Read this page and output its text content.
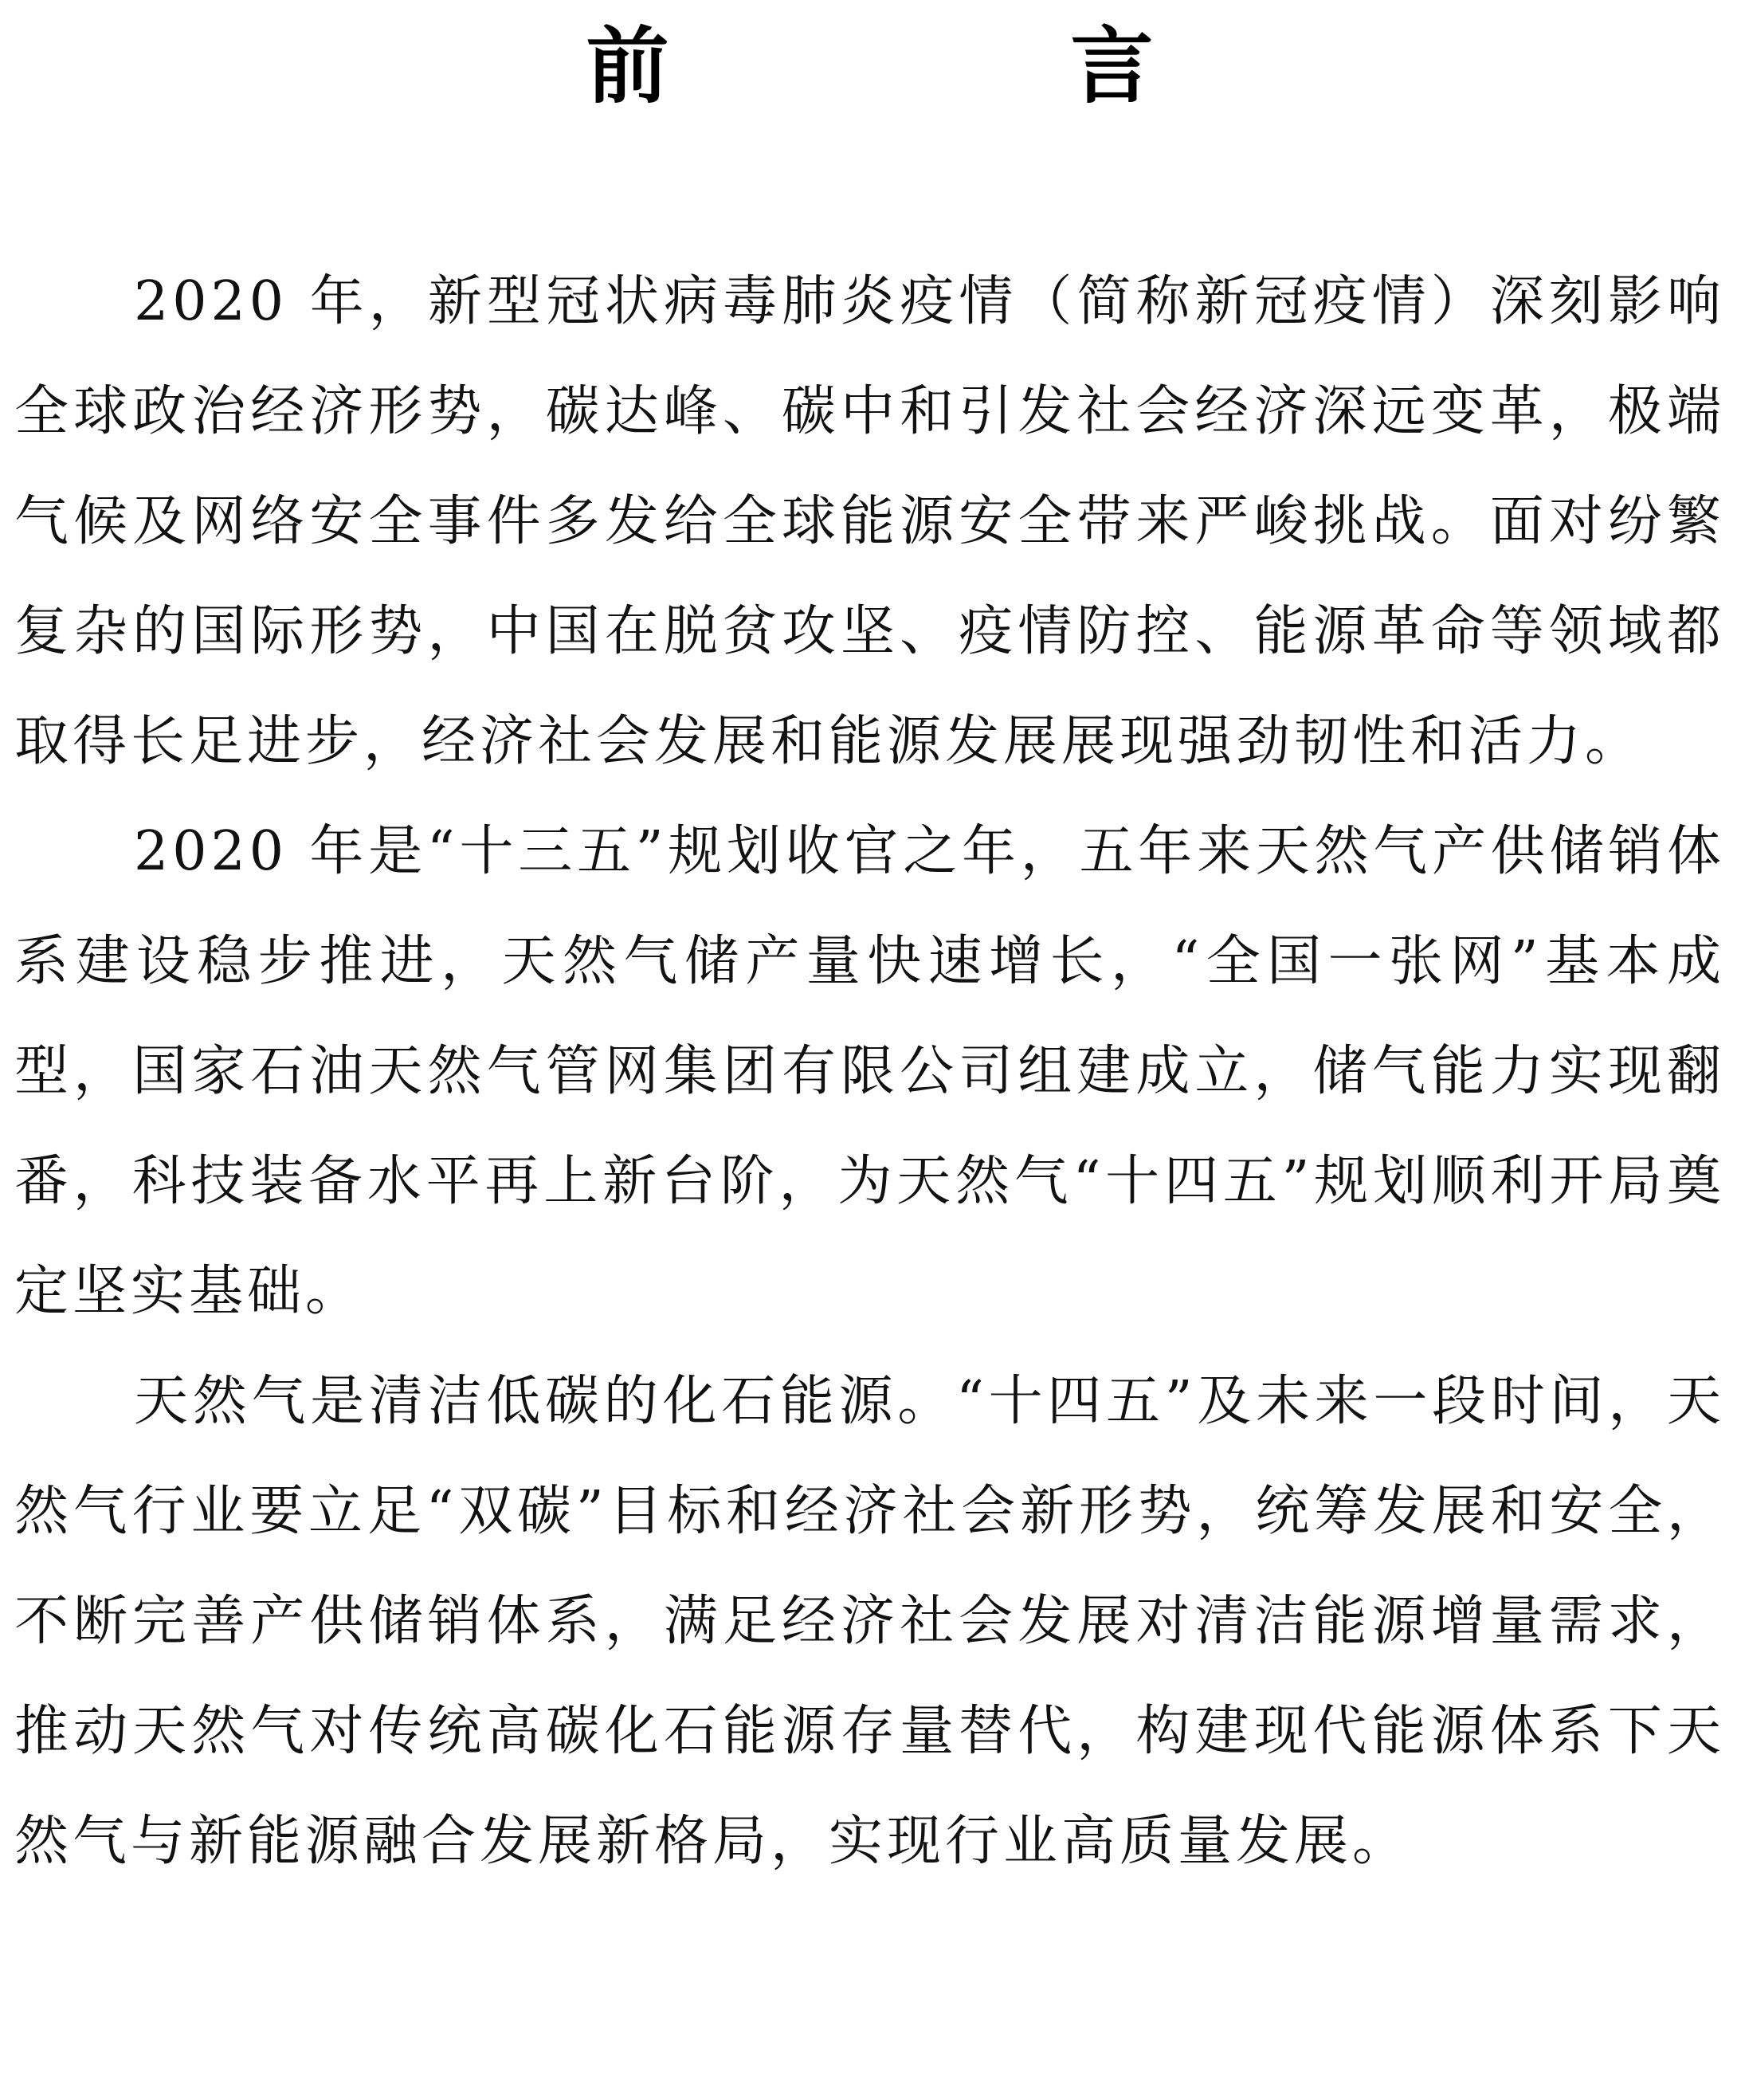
前　言

2020 年，新型冠状病毒肺炎疫情（简称新冠疫情）深刻影响全球政治经济形势，碳达峰、碳中和引发社会经济深远变革，极端气候及网络安全事件多发给全球能源安全带来严峻挑战。面对纷繁复杂的国际形势，中国在脱贫攻坚、疫情防控、能源革命等领域都取得长足进步，经济社会发展和能源发展展现强劲韧性和活力。

2020 年是“十三五”规划收官之年，五年来天然气产供储销体系建设稳步推进，天然气储产量快速增长，“全国一张网”基本成型，国家石油天然气管网集团有限公司组建成立，储气能力实现翻番，科技装备水平再上新台阶，为天然气“十四五”规划顺利开局奠定坚实基础。

天然气是清洁低碳的化石能源。“十四五”及未来一段时间，天然气行业要立足“双碳”目标和经济社会新形势，统筹发展和安全，不断完善产供储销体系，满足经济社会发展对清洁能源增量需求，推动天然气对传统高碳化石能源存量替代，构建现代能源体系下天然气与新能源融合发展新格局，实现行业高质量发展。
